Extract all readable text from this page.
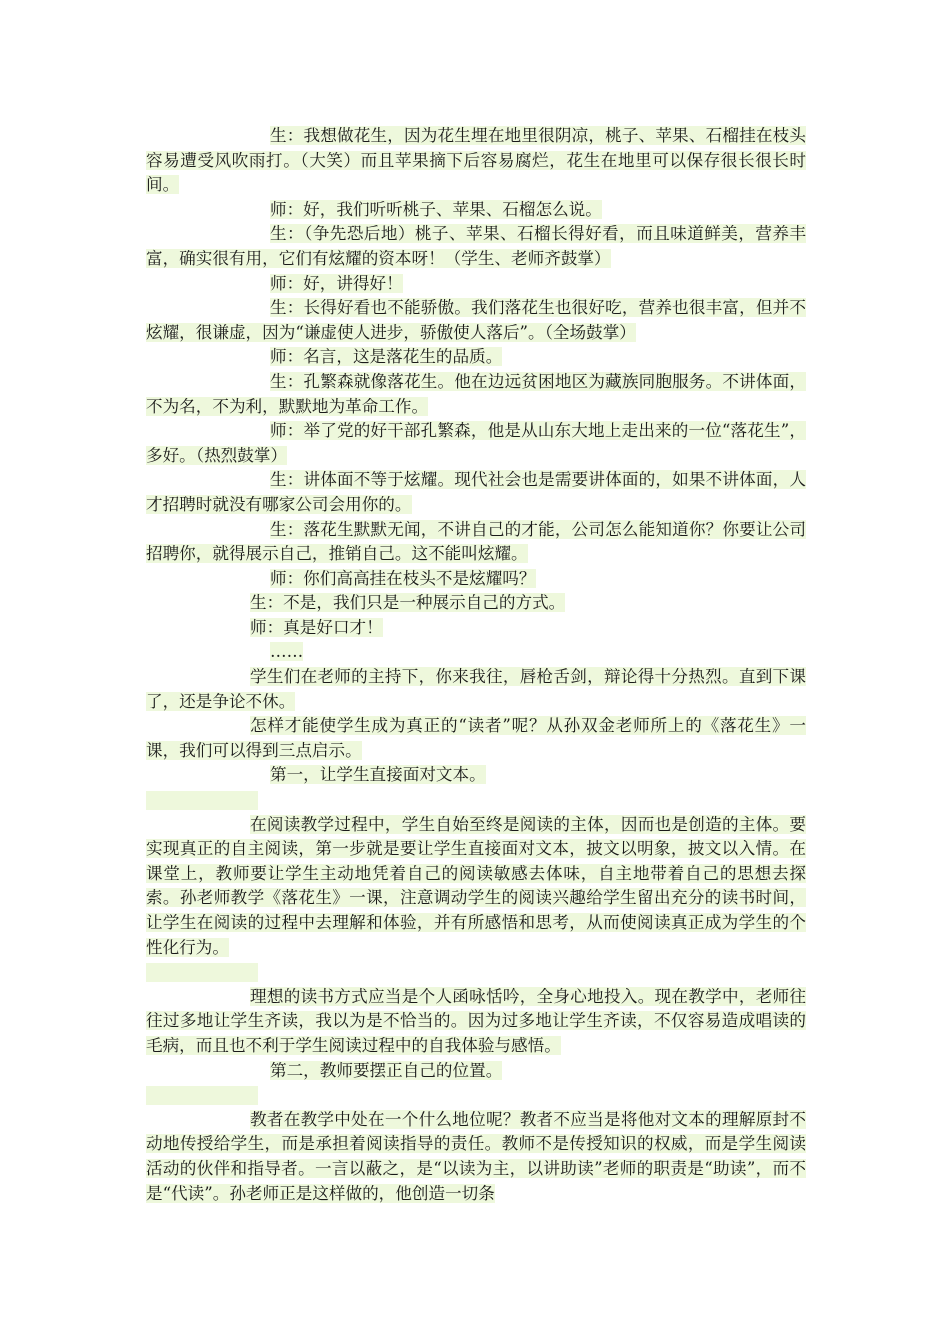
生：我想做花生，因为花生埋在地里很阴凉，桃子、苹果、石榴挂在枝头容易遭受风吹雨打。（大笑）而且苹果摘下后容易腐烂，花生在地里可以保存很长很长时间。

师：好，我们听听桃子、苹果、石榴怎么说。

生：（争先恐后地）桃子、苹果、石榴长得好看，而且味道鲜美，营养丰富，确实很有用，它们有炫耀的资本呀！（学生、老师齐鼓掌）

师：好，讲得好！

生：长得好看也不能骄傲。我们落花生也很好吃，营养也很丰富，但并不炫耀，很谦虚，因为“谦虚使人进步，骄傲使人落后”。（全场鼓掌）

师：名言，这是落花生的品质。

生：孔繁森就像落花生。他在边远贫困地区为藏族同胞服务。不讲体面，不为名，不为利，默默地为革命工作。

师：举了党的好干部孔繁森，他是从山东大地上走出来的一位“落花生”，多好。（热烈鼓掌）

生：讲体面不等于炫耀。现代社会也是需要讲体面的，如果不讲体面，人才招聘时就没有哪家公司会用你的。

生：落花生默默无闻，不讲自己的才能，公司怎么能知道你？你要让公司招聘你，就得展示自己，推销自己。这不能叫炫耀。

师：你们高高挂在枝头不是炫耀吗？

生：不是，我们只是一种展示自己的方式。

师：真是好口才！

……

学生们在老师的主持下，你来我往，唇枪舌剑，辩论得十分热烈。直到下课了，还是争论不休。

怎样才能使学生成为真正的“读者”呢？从孙双金老师所上的《落花生》一课，我们可以得到三点启示。

第一，让学生直接面对文本。

在阅读教学过程中，学生自始至终是阅读的主体，因而也是创造的主体。要实现真正的自主阅读，第一步就是要让学生直接面对文本，披文以明象，披文以入情。在课堂上，教师要让学生主动地凭着自己的阅读敏感去体味，自主地带着自己的思想去探索。孙老师教学《落花生》一课，注意调动学生的阅读兴趣给学生留出充分的读书时间，让学生在阅读的过程中去理解和体验，并有所感悟和思考，从而使阅读真正成为学生的个性化行为。

理想的读书方式应当是个人函咏恬吟，全身心地投入。现在教学中，老师往往过多地让学生齐读，我以为是不恰当的。因为过多地让学生齐读，不仅容易造成唱读的毛病，而且也不利于学生阅读过程中的自我体验与感悟。

第二，教师要摆正自己的位置。

教者在教学中处在一个什么地位呢？教者不应当是将他对文本的理解原封不动地传授给学生，而是承担着阅读指导的责任。教师不是传授知识的权威，而是学生阅读活动的伙伴和指导者。一言以蔽之，是“以读为主，以讲助读”老师的职责是“助读”，而不是“代读”。孙老师正是这样做的，他创造一切条
